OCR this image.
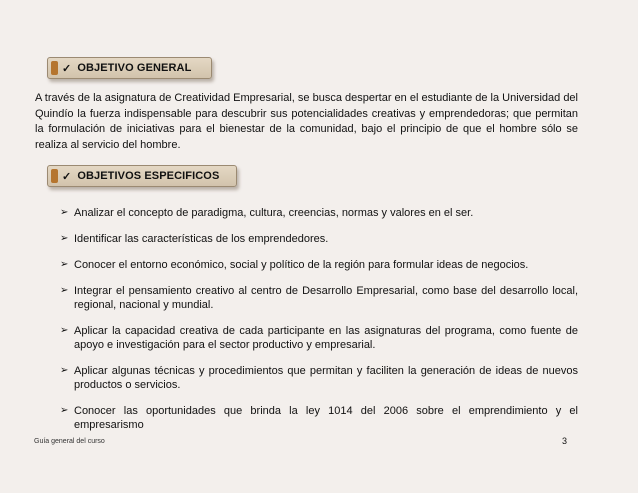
✓ OBJETIVO GENERAL

A través de la asignatura de Creatividad Empresarial, se busca despertar en el estudiante de la Universidad del Quindío la fuerza indispensable para descubrir sus potencialidades creativas y emprendedoras; que permitan la formulación de iniciativas para el bienestar de la comunidad, bajo el principio de que el hombre sólo se realiza al servicio del hombre.

✓ OBJETIVOS ESPECIFICOS
➢ Analizar el concepto de paradigma, cultura, creencias, normas y valores en el ser.
➢ Identificar las características de los emprendedores.
➢ Conocer el entorno económico, social y político de la región para formular ideas de negocios.
➢ Integrar el pensamiento creativo al centro de Desarrollo Empresarial, como base del desarrollo local, regional, nacional y mundial.
➢ Aplicar la capacidad creativa de cada participante en las asignaturas del programa, como fuente de apoyo e investigación para el sector productivo y empresarial.
➢ Aplicar algunas técnicas y procedimientos que permitan y faciliten la generación de ideas de nuevos productos o servicios.
➢ Conocer las oportunidades que brinda la ley 1014 del 2006 sobre el emprendimiento y el empresarismo
Guía general del curso	3
